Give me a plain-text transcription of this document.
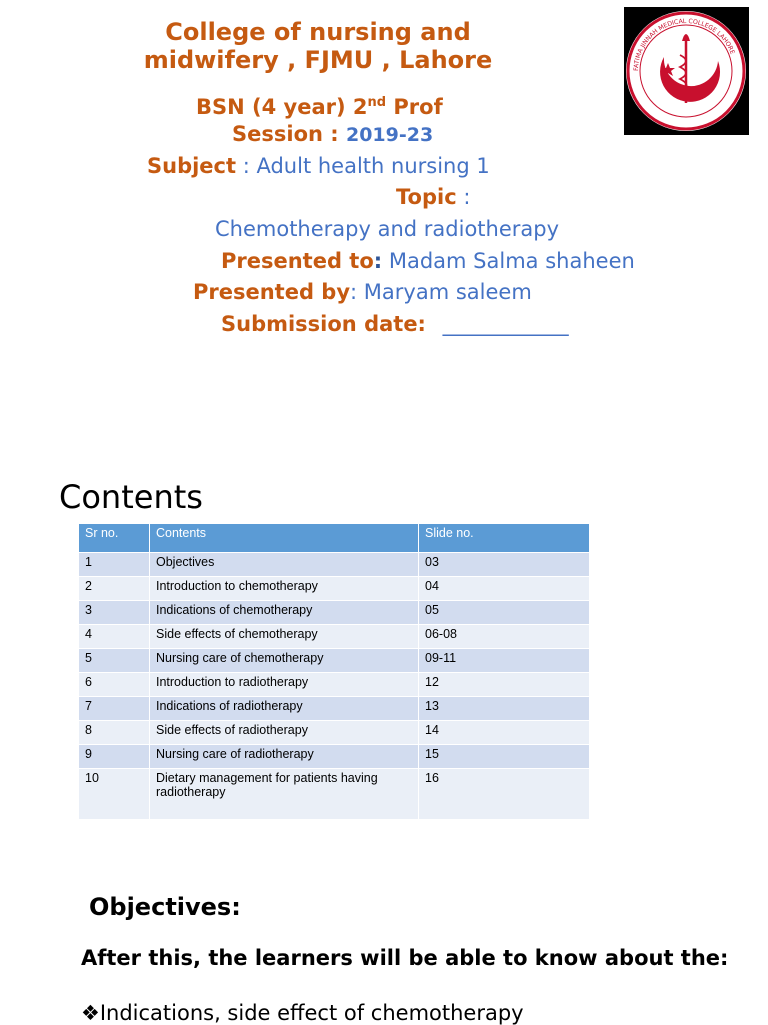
College of nursing and
midwifery , FJMU , Lahore	FATIMA JINNAH MEDICAL COLLEGE LAHORE
BSN (4 year) 2nd Prof
Session : 2019-23
Subject : Adult health nursing 1
Topic :
Chemotherapy and radiotherapy
Presented to: Madam Salma shaheen
Presented by: Maryam saleem
Submission date: ____________
Contents
Sr no.	Contents	Slide no.
1	Objectives	03
2	Introduction to chemotherapy	04
3	Indications of chemotherapy	05
4	Side effects of chemotherapy	06-08
5	Nursing care of chemotherapy	09-11
6	Introduction to radiotherapy	12
7	Indications of radiotherapy	13
8	Side effects of radiotherapy	14
9	Nursing care of radiotherapy	15
10	Dietary management for patients having radiotherapy	16
Objectives:
After this, the learners will be able to know about the:
❖Indications, side effect of chemotherapy
